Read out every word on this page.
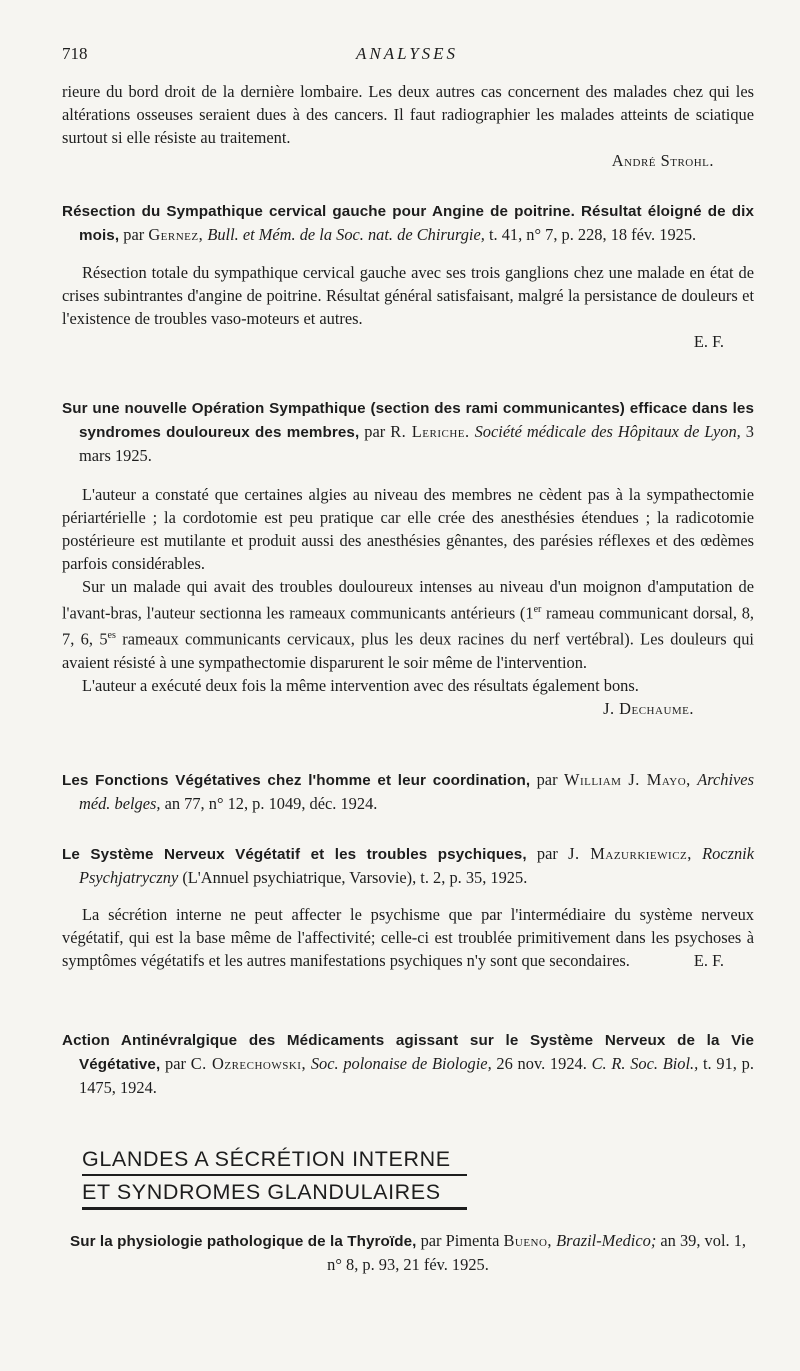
718	ANALYSES
rieure du bord droit de la dernière lombaire. Les deux autres cas concernent des malades chez qui les altérations osseuses seraient dues à des cancers. Il faut radiographier les malades atteints de sciatique surtout si elle résiste au traitement.
André Strohl.
Résection du Sympathique cervical gauche pour Angine de poitrine. Résultat éloigné de dix mois, par Gernez, Bull. et Mém. de la Soc. nat. de Chirurgie, t. 41, n° 7, p. 228, 18 fév. 1925.
Résection totale du sympathique cervical gauche avec ses trois ganglions chez une malade en état de crises subintrantes d'angine de poitrine. Résultat général satisfaisant, malgré la persistance de douleurs et l'existence de troubles vaso-moteurs et autres.
E. F.
Sur une nouvelle Opération Sympathique (section des rami communicantes) efficace dans les syndromes douloureux des membres, par R. Leriche. Société médicale des Hôpitaux de Lyon, 3 mars 1925.
L'auteur a constaté que certaines algies au niveau des membres ne cèdent pas à la sympathectomie périartérielle ; la cordotomie est peu pratique car elle crée des anesthésies étendues ; la radicotomie postérieure est mutilante et produit aussi des anesthésies gênantes, des parésies réflexes et des œdèmes parfois considérables.
Sur un malade qui avait des troubles douloureux intenses au niveau d'un moignon d'amputation de l'avant-bras, l'auteur sectionna les rameaux communicants antérieurs (1er rameau communicant dorsal, 8, 7, 6, $5^{es}$ rameaux communicants cervicaux, plus les deux racines du nerf vertébral). Les douleurs qui avaient résisté à une sympathectomie disparurent le soir même de l'intervention.
L'auteur a exécuté deux fois la même intervention avec des résultats également bons.
J. Dechaume.
Les Fonctions Végétatives chez l'homme et leur coordination, par William J. Mayo, Archives méd. belges, an 77, n° 12, p. 1049, déc. 1924.
Le Système Nerveux Végétatif et les troubles psychiques, par J. Mazurkiewicz, Rocznik Psychjatryczny (L'Annuel psychiatrique, Varsovie), t. 2, p. 35, 1925.
La sécrétion interne ne peut affecter le psychisme que par l'intermédiaire du système nerveux végétatif, qui est la base même de l'affectivité; celle-ci est troublée primitivement dans les psychoses à symptômes végétatifs et les autres manifestations psychiques n'y sont que secondaires.	E. F.
Action Antinévralgique des Médicaments agissant sur le Système Nerveux de la Vie Végétative, par C. Ozrechowski, Soc. polonaise de Biologie, 26 nov. 1924. C. R. Soc. Biol., t. 91, p. 1475, 1924.
GLANDES A SÉCRÉTION INTERNE
ET SYNDROMES GLANDULAIRES
Sur la physiologie pathologique de la Thyroïde, par Pimenta Bueno, Brazil-Medico; an 39, vol. 1, n° 8, p. 93, 21 fév. 1925.
